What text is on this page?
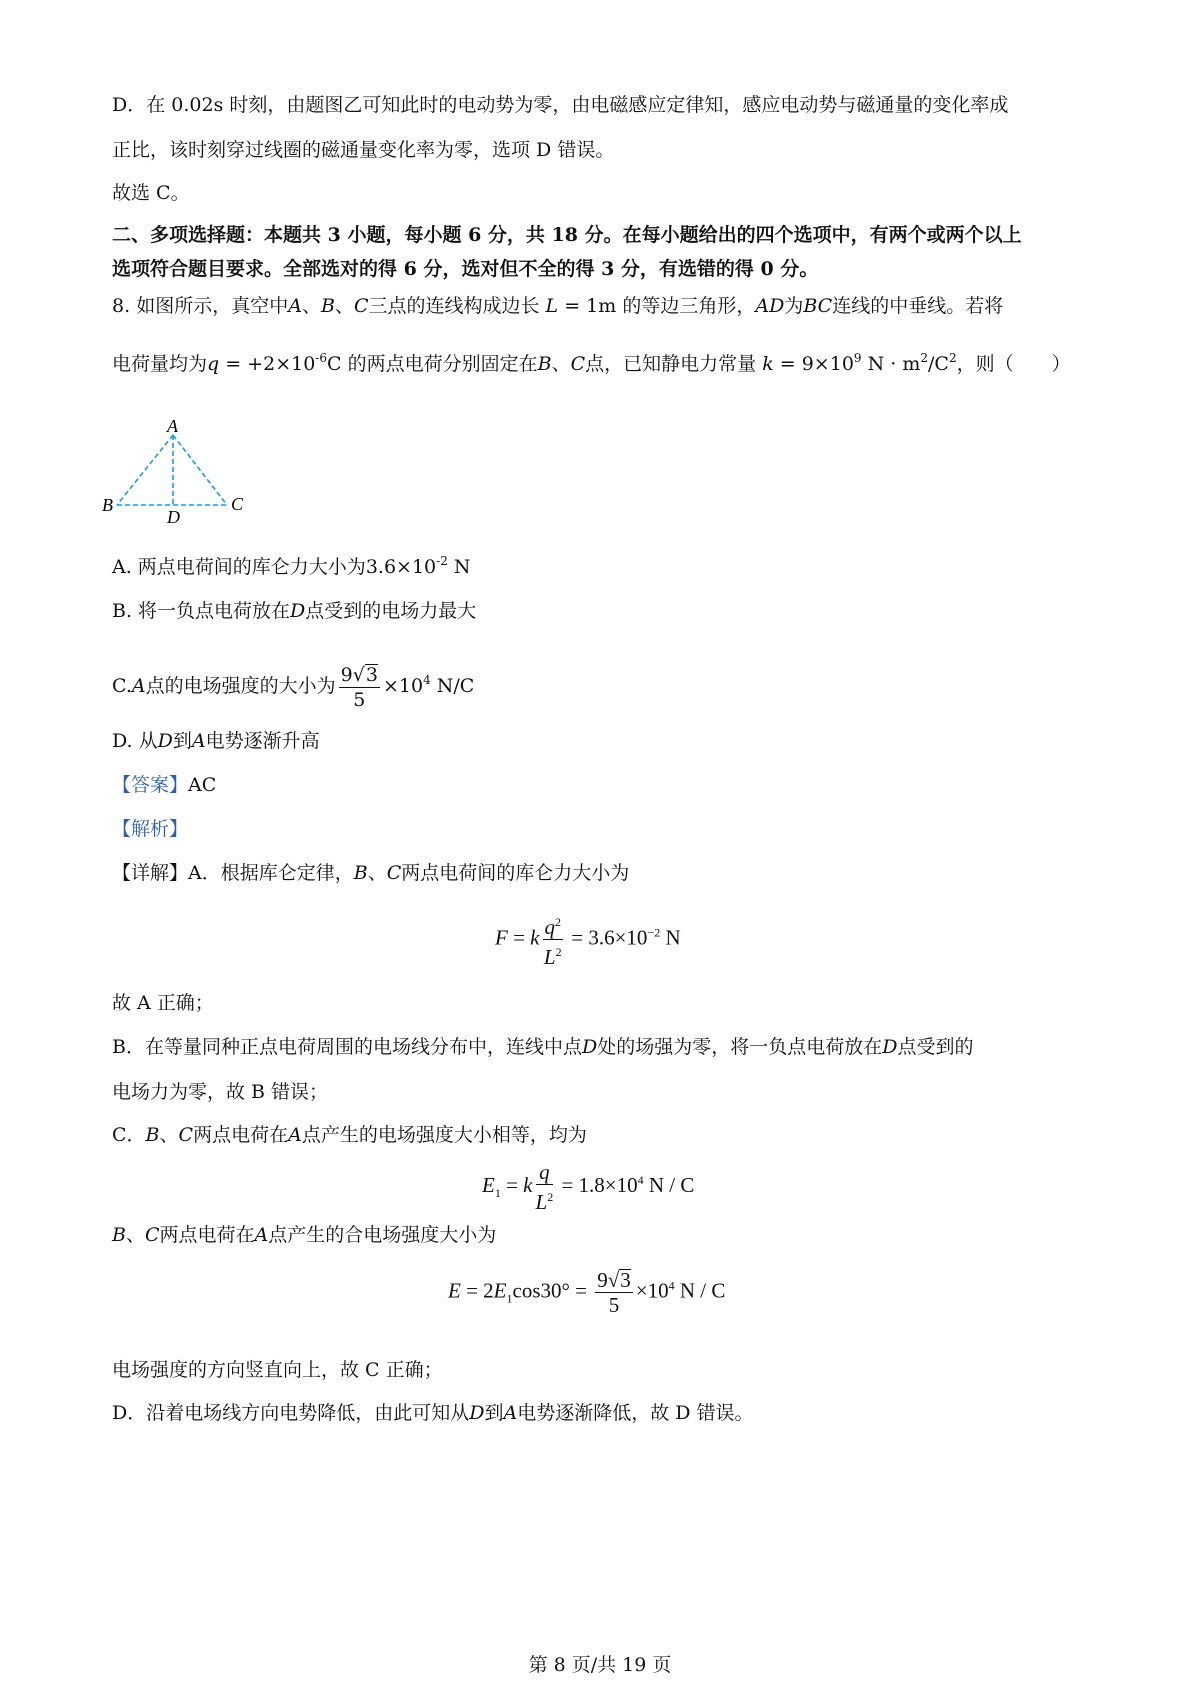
D．在 0.02s 时刻，由题图乙可知此时的电动势为零，由电磁感应定律知，感应电动势与磁通量的变化率成
正比，该时刻穿过线圈的磁通量变化率为零，选项 D 错误。
故选 C。
二、多项选择题：本题共 3 小题，每小题 6 分，共 18 分。在每小题给出的四个选项中，有两个或两个以上
选项符合题目要求。全部选对的得 6 分，选对但不全的得 3 分，有选错的得 0 分。
8. 如图所示，真空中A、B、C三点的连线构成边长 L = 1m 的等边三角形，AD为BC连线的中垂线。若将
电荷量均为$q = +2\times 10^{-6}C$ 的两点电荷分别固定在B、C点，已知静电力常量 $k = 9\times 10^9$ $N \cdot m^2/C^2$，则（　　）
A
B	C
D
A. 两点电荷间的库仑力大小为$3.6\times 10^{-2}$ N
B. 将一负点电荷放在D点受到的电场力最大
C.A点的电场强度的大小为 $\frac{9√3}{5} \times 10^4$ N/C
D. 从D到A电势逐渐升高
【答案】AC
【解析】
【详解】A．根据库仑定律，B、C两点电荷间的库仑力大小为
F = k $\frac{q^2}{L^2} = 3.6\times 10^{-2}$ N
故 A 正确；
B．在等量同种正点电荷周围的电场线分布中，连线中点D处的场强为零，将一负点电荷放在D点受到的
电场力为零，故 B 错误；
C．B、C两点电荷在A点产生的电场强度大小相等，均为
$E_1 = k \frac{q}{L^2} = 1.8\times 10^4$ N / C
B、C两点电荷在A点产生的合电场强度大小为
$E = 2E_1\cos 30^\circ = \frac{9√3}{5} \times 10^4$ N / C
电场强度的方向竖直向上，故 C 正确；
D．沿着电场线方向电势降低，由此可知从D到A电势逐渐降低，故 D 错误。
第 8 页/共 19 页
